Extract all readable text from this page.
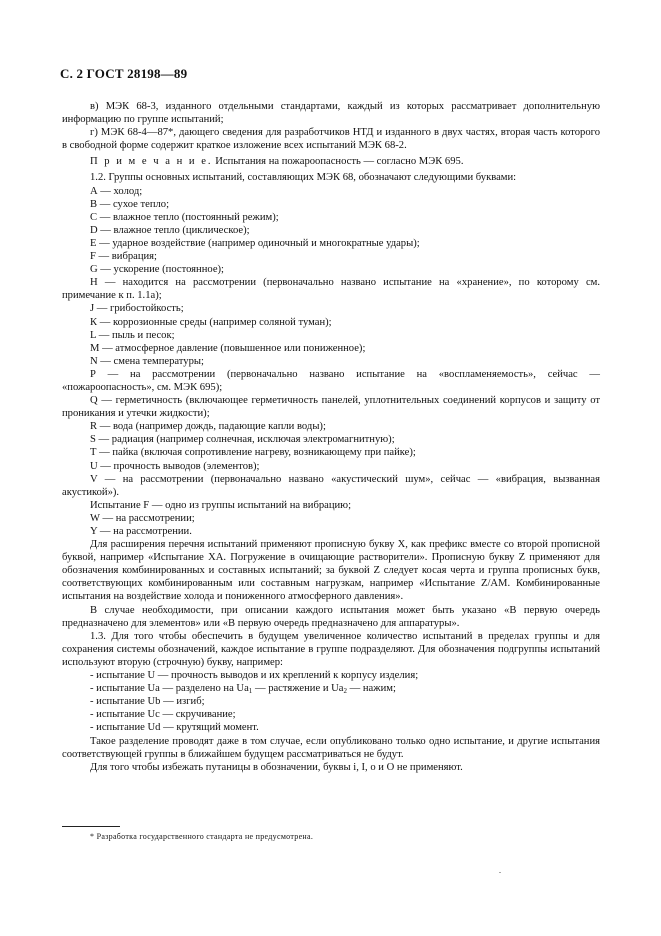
С. 2 ГОСТ 28198—89

в) МЭК 68-3, изданного отдельными стандартами, каждый из которых рассматривает дополнительную информацию по группе испытаний;

г) МЭК 68-4—87*, дающего сведения для разработчиков НТД и изданного в двух частях, вторая часть которого в свободной форме содержит краткое изложение всех испытаний МЭК 68-2.

П р и м е ч а н и е. Испытания на пожароопасность — согласно МЭК 695.

1.2. Группы основных испытаний, составляющих МЭК 68, обозначают следующими буквами:

А — холод;

В — сухое тепло;

С — влажное тепло (постоянный режим);

D — влажное тепло (циклическое);

Е — ударное воздействие (например одиночный и многократные удары);

F — вибрация;

G — ускорение (постоянное);

Н — находится на рассмотрении (первоначально названо испытание на «хранение», по которому см. примечание к п. 1.1а);

J — грибостойкость;

К — коррозионные среды (например соляной туман);

L — пыль и песок;

М — атмосферное давление (повышенное или пониженное);

N — смена температуры;

Р — на рассмотрении (первоначально названо испытание на «воспламеняемость», сейчас — «пожароопасность», см. МЭК 695);

Q — герметичность (включающее герметичность панелей, уплотнительных соединений корпусов и защиту от проникания и утечки жидкости);

R — вода (например дождь, падающие капли воды);

S — радиация (например солнечная, исключая электромагнитную);

Т — пайка (включая сопротивление нагреву, возникающему при пайке);

U — прочность выводов (элементов);

V — на рассмотрении (первоначально названо «акустический шум», сейчас — «вибрация, вызванная акустикой»).

Испытание F — одно из группы испытаний на вибрацию;

W — на рассмотрении;

Y — на рассмотрении.

Для расширения перечня испытаний применяют прописную букву X, как префикс вместе со второй прописной буквой, например «Испытание XA. Погружение в очищающие растворители». Прописную букву Z применяют для обозначения комбинированных и составных испытаний; за буквой Z следует косая черта и группа прописных букв, соответствующих комбинированным или составным нагрузкам, например «Испытание Z/AM. Комбинированные испытания на воздействие холода и пониженного атмосферного давления».

В случае необходимости, при описании каждого испытания может быть указано «В первую очередь предназначено для элементов» или «В первую очередь предназначено для аппаратуры».

1.3. Для того чтобы обеспечить в будущем увеличенное количество испытаний в пределах группы и для сохранения системы обозначений, каждое испытание в группе подразделяют. Для обозначения подгруппы испытаний используют вторую (строчную) букву, например:

- испытание U — прочность выводов и их креплений к корпусу изделия;

- испытание Ua — разделено на $Ua_1$ — растяжение и $Ua_2$ — нажим;

- испытание Ub — изгиб;

- испытание Uc — скручивание;

- испытание Ud — крутящий момент.

Такое разделение проводят даже в том случае, если опубликовано только одно испытание, и другие испытания соответствующей группы в ближайшем будущем рассматриваться не будут.

Для того чтобы избежать путаницы в обозначении, буквы i, I, o и O не применяют.

* Разработка государственного стандарта не предусмотрена.
.
